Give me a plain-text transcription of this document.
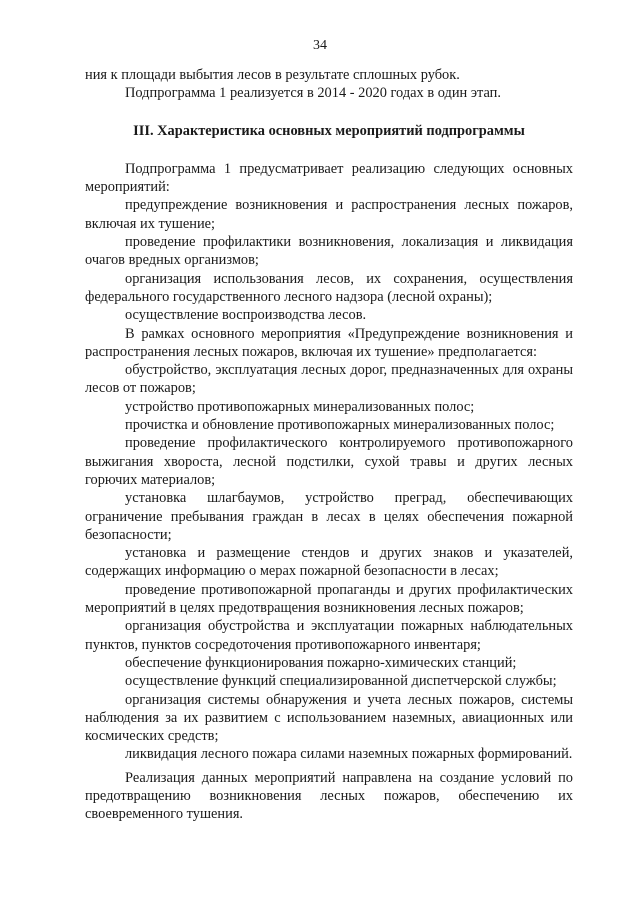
34

ния к площади выбытия лесов в результате сплошных рубок.

Подпрограмма 1 реализуется в 2014 - 2020 годах в один этап.

III. Характеристика основных мероприятий подпрограммы

Подпрограмма 1 предусматривает реализацию следующих основных мероприятий:

предупреждение возникновения и распространения лесных пожаров, включая их тушение;

проведение профилактики возникновения, локализация и ликвидация очагов вредных организмов;

организация использования лесов, их сохранения, осуществления федерального государственного лесного надзора (лесной охраны);

осуществление воспроизводства лесов.

В рамках основного мероприятия «Предупреждение возникновения и распространения лесных пожаров, включая их тушение» предполагается:

обустройство, эксплуатация лесных дорог, предназначенных для охраны лесов от пожаров;

устройство противопожарных минерализованных полос;

прочистка и обновление противопожарных минерализованных полос;

проведение профилактического контролируемого противопожарного выжигания хвороста, лесной подстилки, сухой травы и других лесных горючих материалов;

установка шлагбаумов, устройство преград, обеспечивающих ограничение пребывания граждан в лесах в целях обеспечения пожарной безопасности;

установка и размещение стендов и других знаков и указателей, содержащих информацию о мерах пожарной безопасности в лесах;

проведение противопожарной пропаганды и других профилактических мероприятий в целях предотвращения возникновения лесных пожаров;

организация обустройства и эксплуатации пожарных наблюдательных пунктов, пунктов сосредоточения противопожарного инвентаря;

обеспечение функционирования пожарно-химических станций;

осуществление функций специализированной диспетчерской службы;

организация системы обнаружения и учета лесных пожаров, системы наблюдения за их развитием с использованием наземных, авиационных или космических средств;

ликвидация лесного пожара силами наземных пожарных формирований.

Реализация данных мероприятий направлена на создание условий по предотвращению возникновения лесных пожаров, обеспечению их своевременного тушения.
